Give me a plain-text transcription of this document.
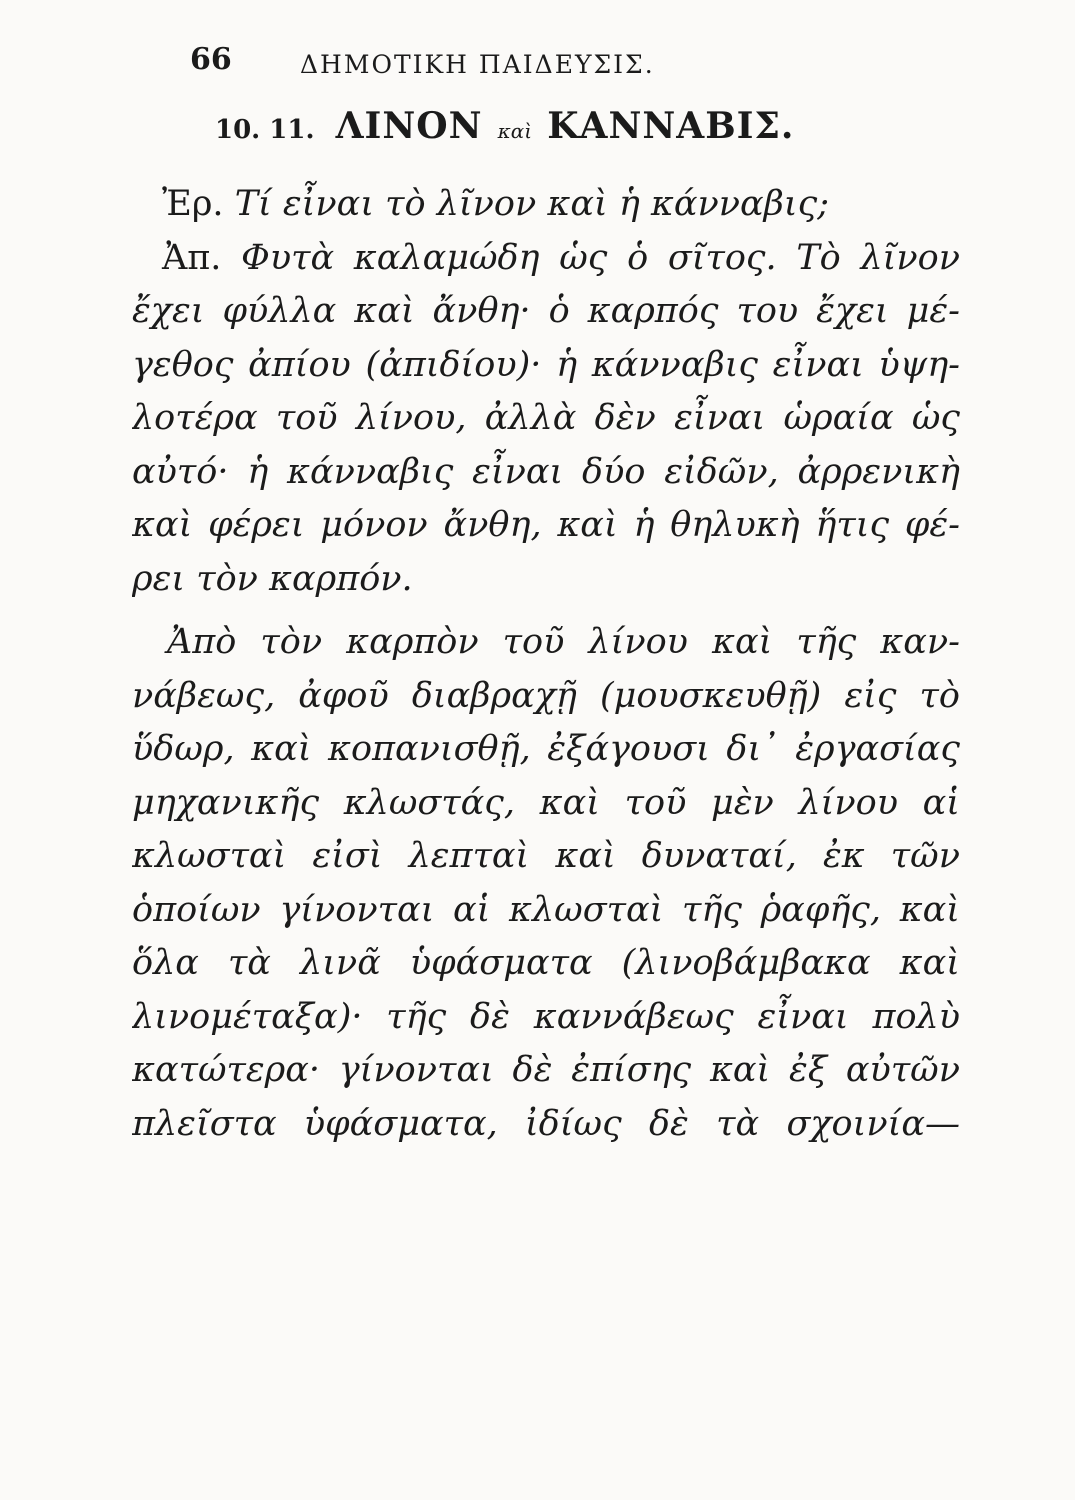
66	ΔΗΜΟΤΙΚΗ ΠΑΙΔΕΥΣΙΣ.
10. 11. ΛΙΝΟΝ καὶ ΚΑΝΝΑΒΙΣ.
Ἐρ. Τί εἶναι τὸ λῖνον καὶ ἡ κάνναβις;
Ἀπ. Φυτὰ καλαμώδη ὡς ὁ σῖτος. Τὸ λῖνον
ἔχει φύλλα καὶ ἄνθη· ὁ καρπός του ἔχει μέ-
γεθος ἀπίου (ἀπιδίου)· ἡ κάνναβις εἶναι ὑψη-
λοτέρα τοῦ λίνου, ἀλλὰ δὲν εἶναι ὡραία ὡς
αὐτό· ἡ κάνναβις εἶναι δύο εἰδῶν, ἀρρενικὴ
καὶ φέρει μόνον ἄνθη, καὶ ἡ θηλυκὴ ἥτις φέ-
ρει τὸν καρπόν.
Ἀπὸ τὸν καρπὸν τοῦ λίνου καὶ τῆς καν-
νάβεως, ἀφοῦ διαβραχῇ (μουσκευθῇ) εἰς τὸ
ὕδωρ, καὶ κοπανισθῇ, ἐξάγουσι δι᾽ ἐργασίας
μηχανικῆς κλωστάς, καὶ τοῦ μὲν λίνου αἱ
κλωσταὶ εἰσὶ λεπταὶ καὶ δυναταί, ἐκ τῶν
ὁποίων γίνονται αἱ κλωσταὶ τῆς ῥαφῆς, καὶ
ὅλα τὰ λινᾶ ὑφάσματα (λινοβάμβακα καὶ
λινομέταξα)· τῆς δὲ καννάβεως εἶναι πολὺ
κατώτερα· γίνονται δὲ ἐπίσης καὶ ἐξ αὐτῶν
πλεῖστα ὑφάσματα, ἰδίως δὲ τὰ σχοινία—
